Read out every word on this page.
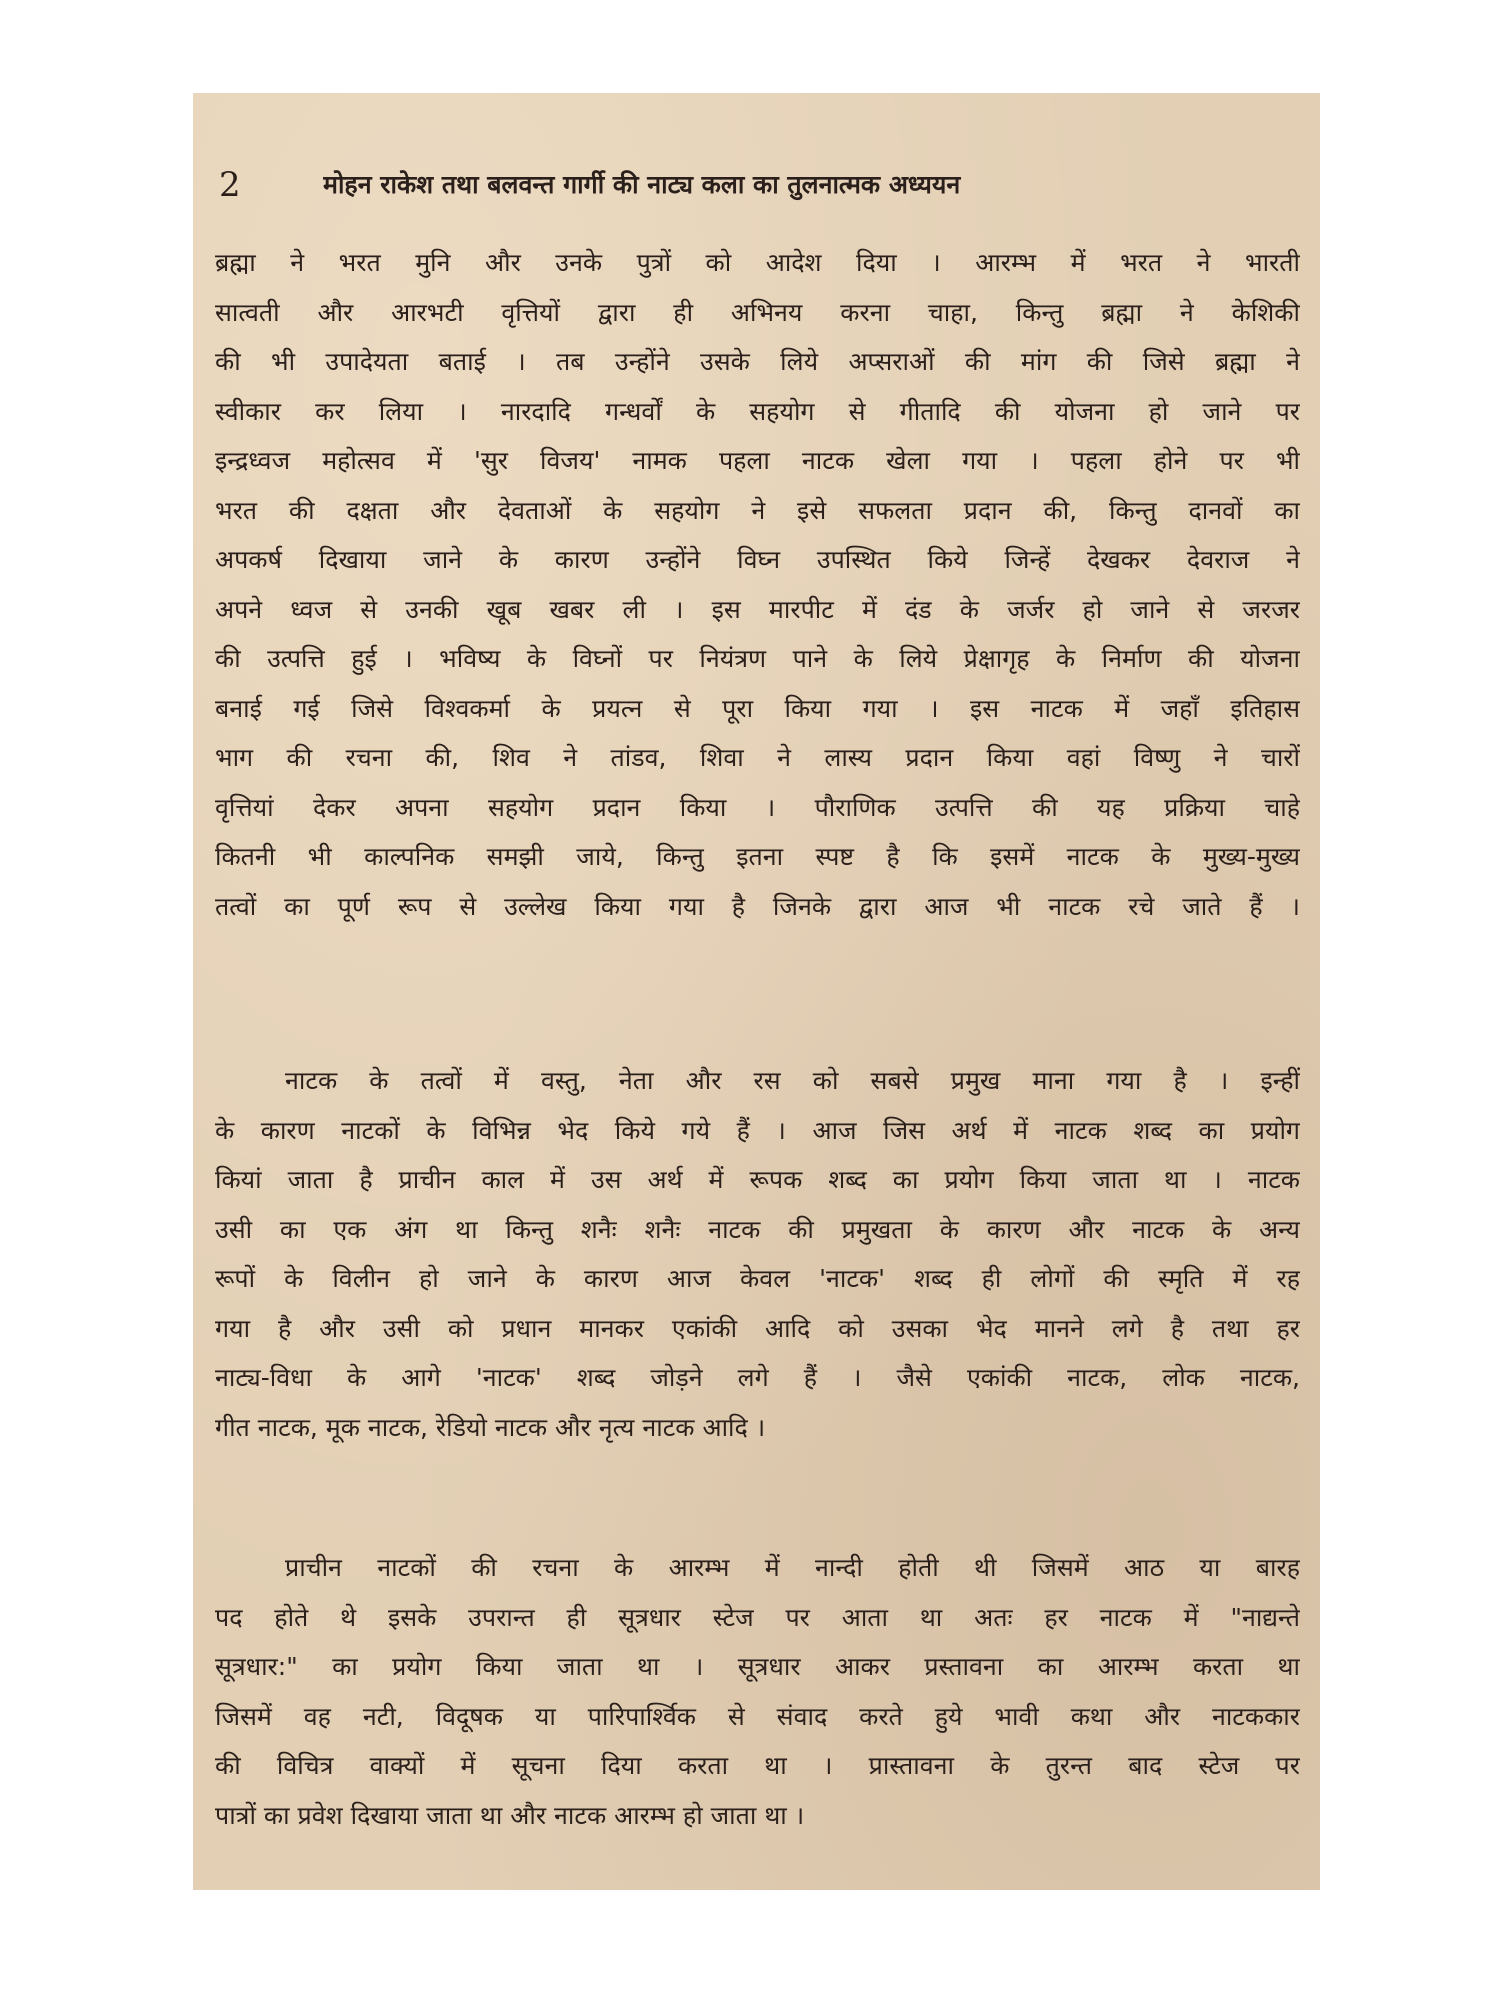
2	मोहन राकेश तथा बलवन्त गार्गी की नाट्य कला का तुलनात्मक अध्ययन
ब्रह्मा ने भरत मुनि और उनके पुत्रों को आदेश दिया । आरम्भ में भरत ने भारती
सात्वती और आरभटी वृत्तियों द्वारा ही अभिनय करना चाहा, किन्तु ब्रह्मा ने केशिकी
की भी उपादेयता बताई । तब उन्होंने उसके लिये अप्सराओं की मांग की जिसे ब्रह्मा ने
स्वीकार कर लिया । नारदादि गन्धर्वों के सहयोग से गीतादि की योजना हो जाने पर
इन्द्रध्वज महोत्सव में 'सुर विजय' नामक पहला नाटक खेला गया । पहला होने पर भी
भरत की दक्षता और देवताओं के सहयोग ने इसे सफलता प्रदान की, किन्तु दानवों का
अपकर्ष दिखाया जाने के कारण उन्होंने विघ्न उपस्थित किये जिन्हें देखकर देवराज ने
अपने ध्वज से उनकी खूब खबर ली । इस मारपीट में दंड के जर्जर हो जाने से जरजर
की उत्पत्ति हुई । भविष्य के विघ्नों पर नियंत्रण पाने के लिये प्रेक्षागृह के निर्माण की योजना
बनाई गई जिसे विश्वकर्मा के प्रयत्न से पूरा किया गया । इस नाटक में जहाँ इतिहास
भाग की रचना की, शिव ने तांडव, शिवा ने लास्य प्रदान किया वहां विष्णु ने चारों
वृत्तियां देकर अपना सहयोग प्रदान किया । पौराणिक उत्पत्ति की यह प्रक्रिया चाहे
कितनी भी काल्पनिक समझी जाये, किन्तु इतना स्पष्ट है कि इसमें नाटक के मुख्य-मुख्य
तत्वों का पूर्ण रूप से उल्लेख किया गया है जिनके द्वारा आज भी नाटक रचे जाते हैं ।
नाटक के तत्वों में वस्तु, नेता और रस को सबसे प्रमुख माना गया है । इन्हीं
के कारण नाटकों के विभिन्न भेद किये गये हैं । आज जिस अर्थ में नाटक शब्द का प्रयोग
कियां जाता है प्राचीन काल में उस अर्थ में रूपक शब्द का प्रयोग किया जाता था । नाटक
उसी का एक अंग था किन्तु शनैः शनैः नाटक की प्रमुखता के कारण और नाटक के अन्य
रूपों के विलीन हो जाने के कारण आज केवल 'नाटक' शब्द ही लोगों की स्मृति में रह
गया है और उसी को प्रधान मानकर एकांकी आदि को उसका भेद मानने लगे है तथा हर
नाट्य-विधा के आगे 'नाटक' शब्द जोड़ने लगे हैं । जैसे एकांकी नाटक, लोक नाटक,
गीत नाटक, मूक नाटक, रेडियो नाटक और नृत्य नाटक आदि ।
प्राचीन नाटकों की रचना के आरम्भ में नान्दी होती थी जिसमें आठ या बारह
पद होते थे इसके उपरान्त ही सूत्रधार स्टेज पर आता था अतः हर नाटक में "नाद्यन्ते
सूत्रधार:" का प्रयोग किया जाता था । सूत्रधार आकर प्रस्तावना का आरम्भ करता था
जिसमें वह नटी, विदूषक या पारिपार्श्विक से संवाद करते हुये भावी कथा और नाटककार
की विचित्र वाक्यों में सूचना दिया करता था । प्रास्तावना के तुरन्त बाद स्टेज पर
पात्रों का प्रवेश दिखाया जाता था और नाटक आरम्भ हो जाता था ।
